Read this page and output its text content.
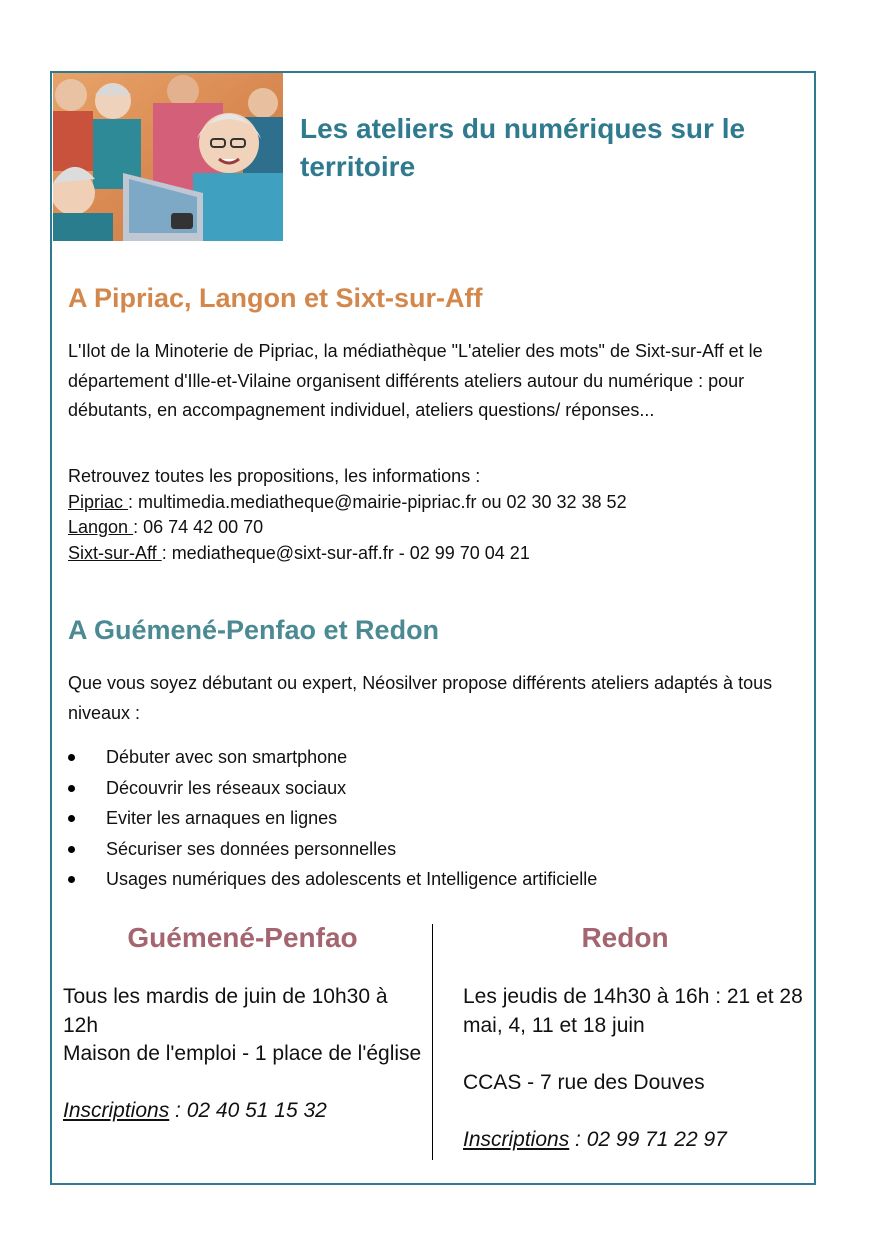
Les ateliers du numériques sur le territoire
A Pipriac, Langon et Sixt-sur-Aff
L'Ilot de la Minoterie de Pipriac, la médiathèque "L'atelier des mots" de Sixt-sur-Aff et le département d'Ille-et-Vilaine organisent différents ateliers autour du numérique : pour débutants, en accompagnement individuel, ateliers questions/ réponses...
Retrouvez toutes les propositions, les informations :
Pipriac : multimedia.mediatheque@mairie-pipriac.fr ou 02 30 32 38 52
Langon : 06 74 42 00 70
Sixt-sur-Aff : mediatheque@sixt-sur-aff.fr - 02 99 70 04 21
A Guémené-Penfao et Redon
Que vous soyez débutant ou expert, Néosilver propose différents ateliers adaptés à tous niveaux :
Débuter avec son smartphone
Découvrir les réseaux sociaux
Eviter les arnaques en lignes
Sécuriser ses données personnelles
Usages numériques des adolescents et Intelligence artificielle
Guémené-Penfao	Redon
Tous les mardis de juin de 10h30 à 12h
Maison de l'emploi - 1 place de l'église
Inscriptions : 02 40 51 15 32
Les jeudis de 14h30 à 16h : 21 et 28 mai, 4, 11 et 18 juin
CCAS - 7 rue des Douves
Inscriptions : 02 99 71 22 97
